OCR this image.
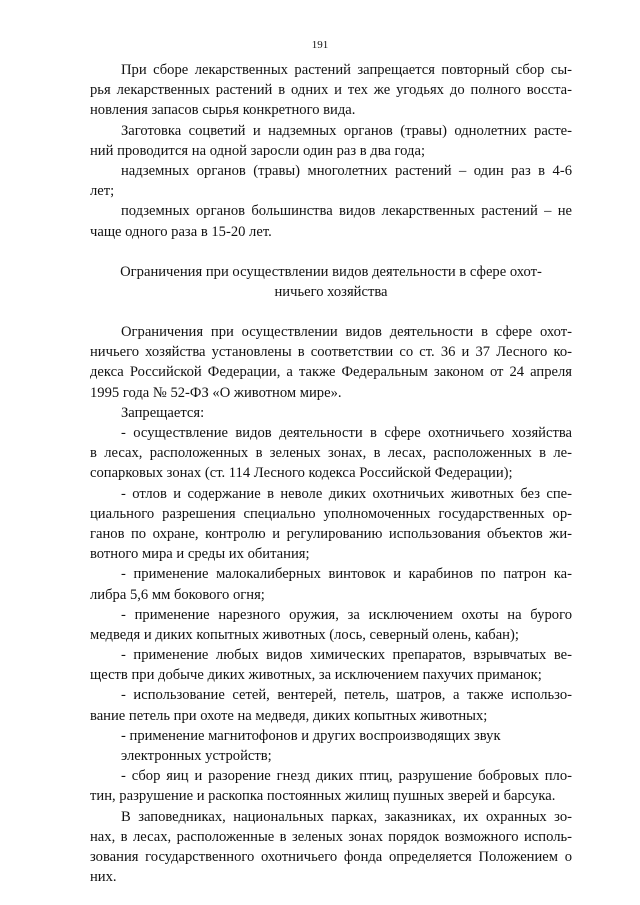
191
При сборе лекарственных растений запрещается повторный сбор сы-
рья лекарственных растений в одних и тех же угодьях до полного восста-
новления запасов сырья конкретного вида.
Заготовка соцветий и надземных органов (травы) однолетних расте-
ний проводится на одной заросли один раз в два года;
надземных органов (травы) многолетних растений – один раз в 4-6
лет;
подземных органов большинства видов лекарственных растений – не
чаще одного раза в 15-20 лет.
Ограничения при осуществлении видов деятельности в сфере охот-
ничьего хозяйства
Ограничения при осуществлении видов деятельности в сфере охот-
ничьего хозяйства установлены в соответствии со ст. 36 и 37 Лесного ко-
декса Российской Федерации, а также Федеральным законом от 24 апреля
1995 года № 52-ФЗ «О животном мире».
Запрещается:
- осуществление видов деятельности в сфере охотничьего хозяйства
в лесах, расположенных в зеленых зонах, в лесах, расположенных в ле-
сопарковых зонах (ст. 114 Лесного кодекса Российской Федерации);
- отлов и содержание в неволе диких охотничьих животных без спе-
циального разрешения специально уполномоченных государственных ор-
ганов по охране, контролю и регулированию использования объектов жи-
вотного мира и среды их обитания;
- применение малокалиберных винтовок и карабинов по патрон ка-
либра 5,6 мм бокового огня;
- применение нарезного оружия, за исключением охоты на бурого
медведя и диких копытных животных (лось, северный олень, кабан);
- применение любых видов химических препаратов, взрывчатых ве-
ществ при добыче диких животных, за исключением пахучих приманок;
- использование сетей, вентерей, петель, шатров, а также использо-
вание петель при охоте на медведя, диких копытных животных;
- применение магнитофонов и других воспроизводящих звук
электронных устройств;
- сбор яиц и разорение гнезд диких птиц, разрушение бобровых пло-
тин, разрушение и раскопка постоянных жилищ пушных зверей и барсука.
В заповедниках, национальных парках, заказниках, их охранных зо-
нах, в лесах, расположенные в зеленых зонах порядок возможного исполь-
зования государственного охотничьего фонда определяется Положением о
них.
